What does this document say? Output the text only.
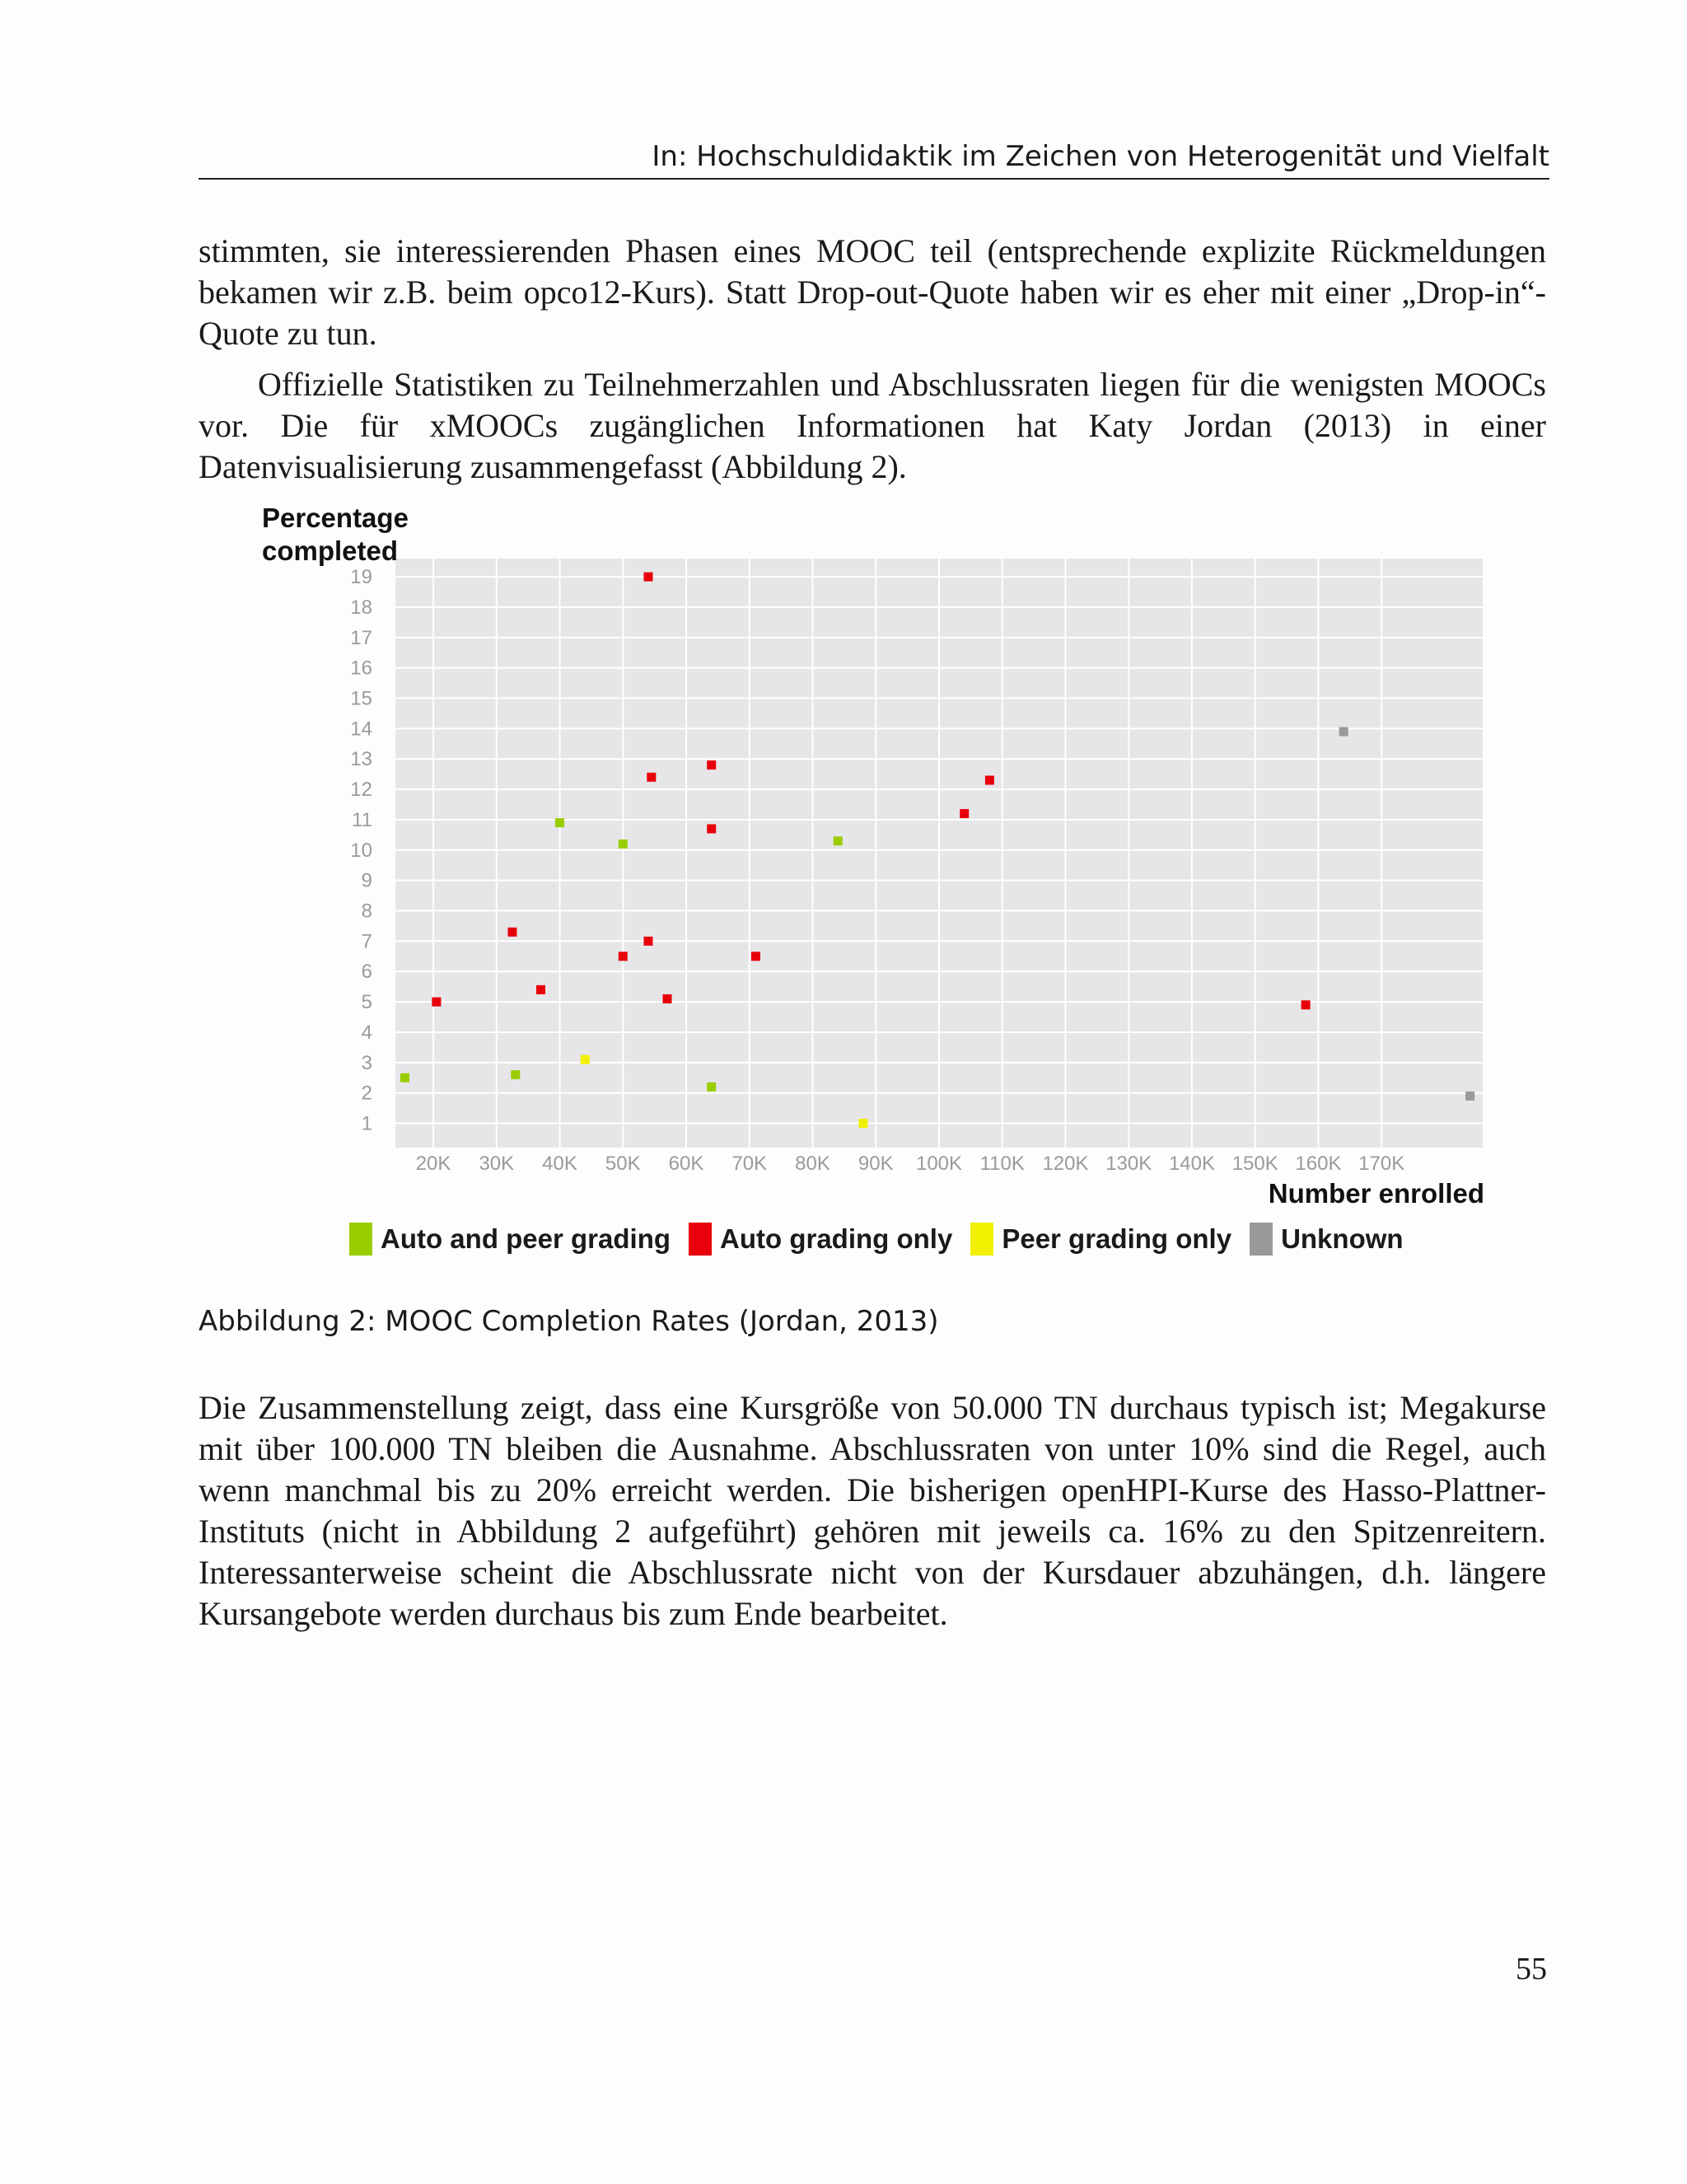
In: Hochschuldidaktik im Zeichen von Heterogenität und Vielfalt

stimmten, sie interessierenden Phasen eines MOOC teil (entsprechende explizite Rückmeldungen bekamen wir z.B. beim opco12-Kurs). Statt Drop-out-Quote haben wir es eher mit einer „Drop-in“-Quote zu tun.

Offizielle Statistiken zu Teilnehmerzahlen und Abschlussraten liegen für die wenigsten MOOCs vor. Die für xMOOCs zugänglichen Informationen hat Katy Jordan (2013) in einer Datenvisualisierung zusammengefasst (Abbildung 2).

20K 30K 40K 50K 60K 70K 80K 90K 100K 110K 120K 130K 140K 150K 160K 170K
1
2
3
4
5
6
7
8
9
10
11
12
13
14
15
16
17
18
19
Percentage
completed
Number enrolled
Auto and peer grading Auto grading only Peer grading only Unknown
Abbildung 2: MOOC Completion Rates (Jordan, 2013)

Die Zusammenstellung zeigt, dass eine Kursgröße von 50.000 TN durchaus typisch ist; Megakurse mit über 100.000 TN bleiben die Ausnahme. Abschlussraten von unter 10% sind die Regel, auch wenn manchmal bis zu 20% erreicht werden. Die bisherigen openHPI-Kurse des Hasso-Plattner-Instituts (nicht in Abbildung 2 aufgeführt) gehören mit jeweils ca. 16% zu den Spitzenreitern. Interessanterweise scheint die Abschlussrate nicht von der Kursdauer abzuhängen, d.h. längere Kursangebote werden durchaus bis zum Ende bearbeitet.

55
